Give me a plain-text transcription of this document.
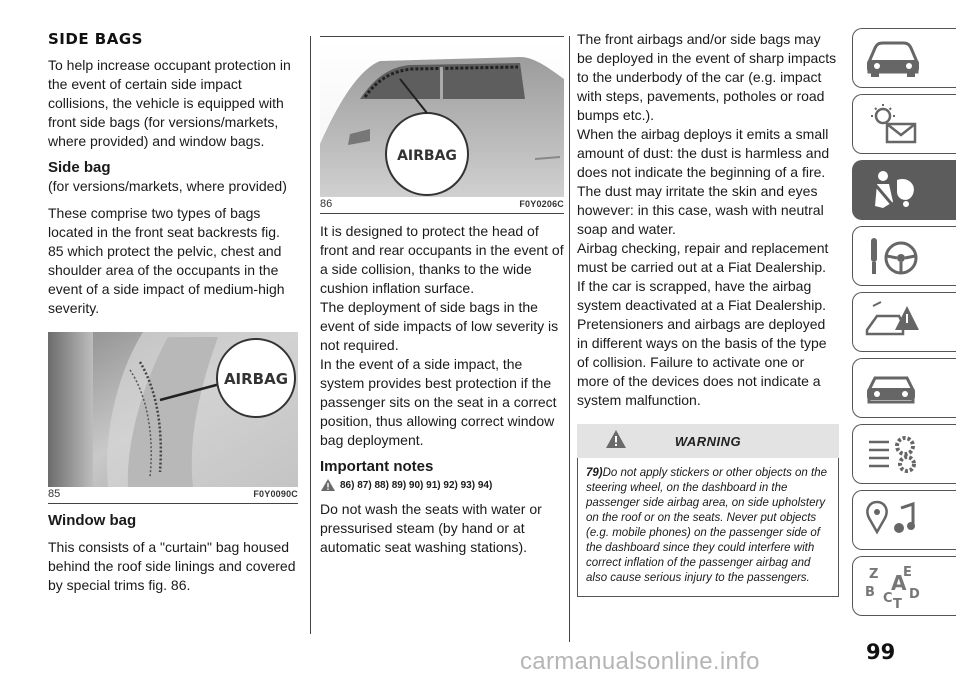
SIDE BAGS

To help increase occupant protection in the event of certain side impact collisions, the vehicle is equipped with front side bags (for versions/markets, where provided) and window bags.

Side bag

(for versions/markets, where provided)

These comprise two types of bags located in the front seat backrests fig. 85 which protect the pelvic, chest and shoulder area of the occupants in the event of a side impact of medium-high severity.

AIRBAG
85	F0Y0090C
Window bag

This consists of a "curtain" bag housed behind the roof side linings and covered by special trims fig. 86.

AIRBAG
86	F0Y0206C

It is designed to protect the head of front and rear occupants in the event of a side collision, thanks to the wide cushion inflation surface.

The deployment of side bags in the event of side impacts of low severity is not required.

In the event of a side impact, the system provides best protection if the passenger sits on the seat in a correct position, thus allowing correct window bag deployment.

Important notes
86) 87) 88) 89) 90) 91) 92) 93) 94)

Do not wash the seats with water or pressurised steam (by hand or at automatic seat washing stations).

The front airbags and/or side bags may be deployed in the event of sharp impacts to the underbody of the car (e.g. impact with steps, pavements, potholes or road bumps etc.).

When the airbag deploys it emits a small amount of dust: the dust is harmless and does not indicate the beginning of a fire. The dust may irritate the skin and eyes however: in this case, wash with neutral soap and water.

Airbag checking, repair and replacement must be carried out at a Fiat Dealership.

If the car is scrapped, have the airbag system deactivated at a Fiat Dealership.

Pretensioners and airbags are deployed in different ways on the basis of the type of collision. Failure to activate one or more of the devices does not indicate a system malfunction.

WARNING

79)Do not apply stickers or other objects on the steering wheel, on the dashboard in the passenger side airbag area, on side upholstery on the roof or on the seats. Never put objects (e.g. mobile phones) on the passenger side of the dashboard since they could interfere with correct inflation of the passenger airbag and also cause serious injury to the passengers.	Z E
A
B C D
T
carmanualsonline.info	99
